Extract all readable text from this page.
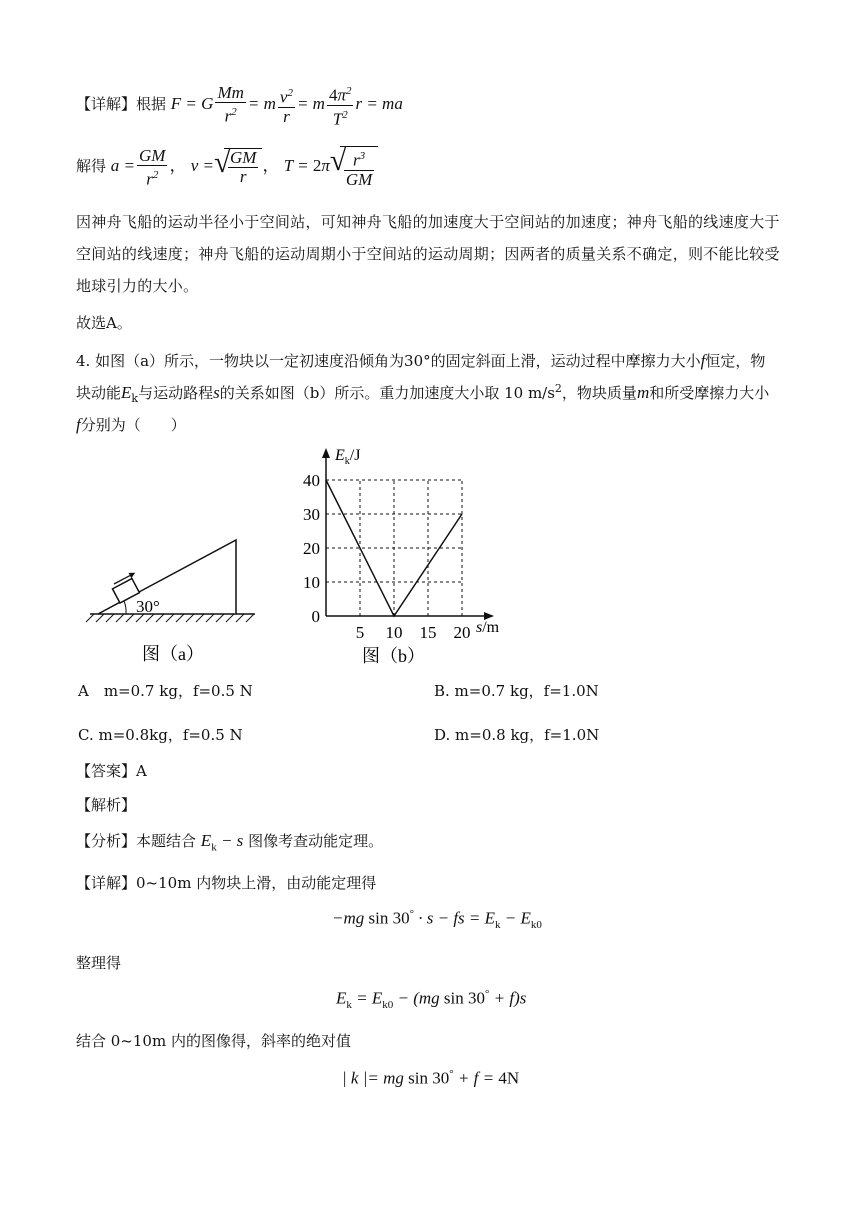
【详解】根据 F = G $\frac{Mm}{r^2} = m \frac{v^2}{r} = m \frac{4\pi^2}{T^2}$ r = ma
解得 $a = \frac{GM}{r^2}$ ， v = √
$\frac{GM}{r}$ ， T = 2π √
$\frac{r^3}{GM}$
因神舟飞船的运动半径小于空间站，可知神舟飞船的加速度大于空间站的加速度；神舟飞船的线速度大于空间站的线速度；神舟飞船的运动周期小于空间站的运动周期；因两者的质量关系不确定，则不能比较受地球引力的大小。
故选A。
4. 如图（a）所示，一物块以一定初速度沿倾角为30°的固定斜面上滑，运动过程中摩擦力大小f恒定，物
块动能$E_k$与运动路程s的关系如图（b）所示。重力加速度大小取 10 $m/s^2$，物块质量m和所受摩擦力大小
f分别为（　　）
30°
图（a）
5 10 15 20
0
10
20
30
40
$E_k/J$
s/m
图（b）
A　m=0.7 kg，f=0.5 N	B. m=0.7 kg，f=1.0N
C. m=0.8kg，f=0.5 N	D. m=0.8 kg，f=1.0N
【答案】A
【解析】
【分析】本题结合 $E_k - s$ 图像考查动能定理。
【详解】0~10m 内物块上滑，由动能定理得
−mg sin 30° · s − fs = $E_k - E_{k0}$
整理得
$E_k = E_{k0} - (mg$ sin 30° + f)s
结合 0~10m 内的图像得，斜率的绝对值
| k |= mg sin 30° + f = 4N
